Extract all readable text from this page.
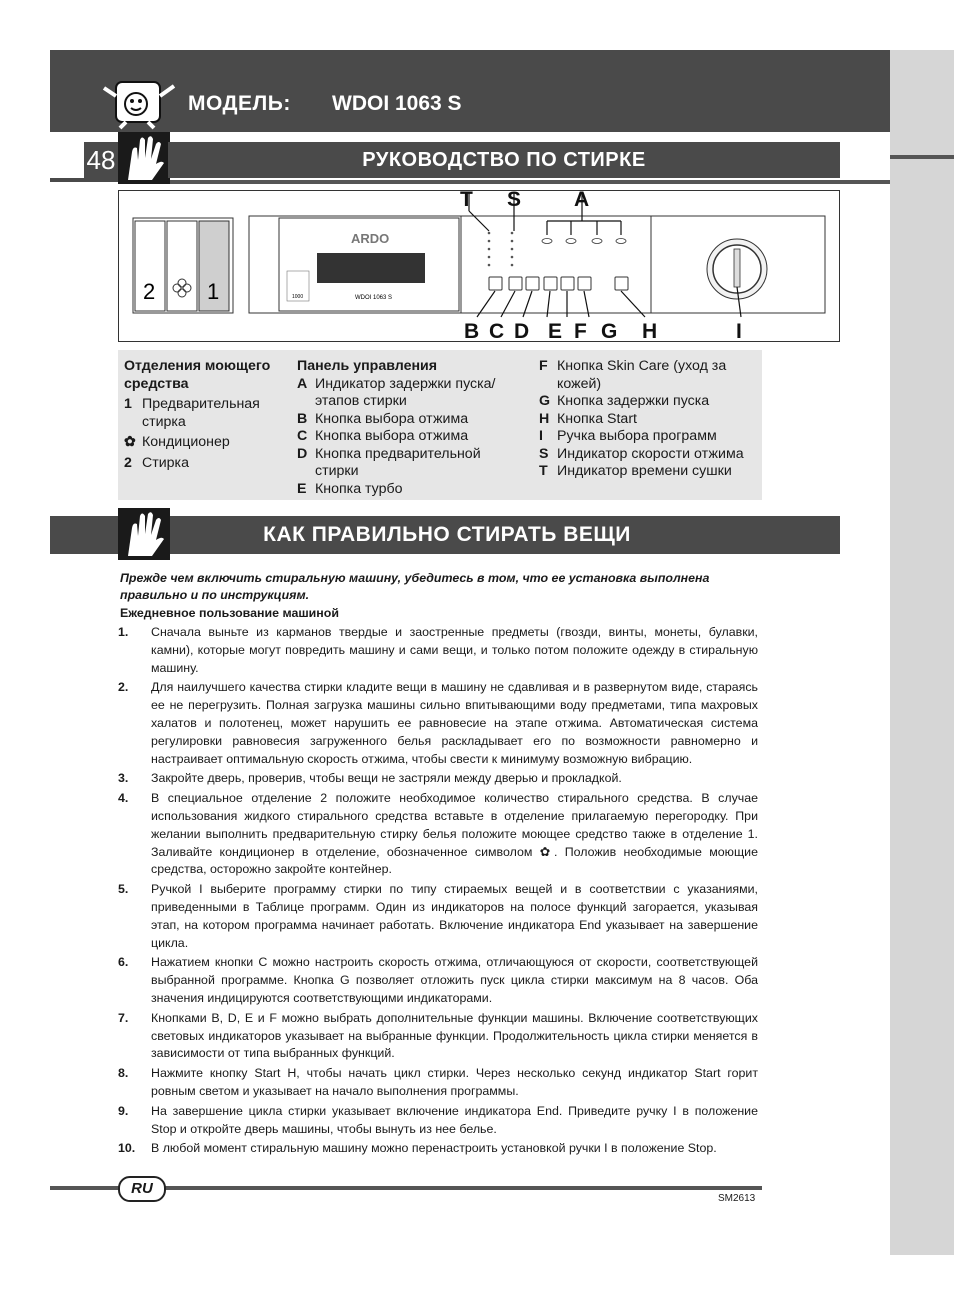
МОДЕЛЬ: WDOI 1063 S
48	РУКОВОДСТВО ПО СТИРКЕ
2 1
ARDO
WDOI 1063 S
1000
T S	A
B C D E F G H	I
Отделения моющего средства
1 Предварительная стирка
✿ Кондиционер
2 Стирка
Панель управления
A Индикатор задержки пуска/ этапов стирки
B Кнопка выбора отжима
C Кнопка выбора отжима
D Кнопка предварительной стирки
E Кнопка турбо
F Кнопка Skin Care (уход за кожей)
G Кнопка задержки пуска
H Кнопка Start
I Ручка выбора программ
S Индикатор скорости отжима
T Индикатор времени сушки
КАК ПРАВИЛЬНО СТИРАТЬ ВЕЩИ
Прежде чем включить стиральную машину, убедитесь в том, что ее установка выполнена правильно и по инструкциям.
Ежедневное пользование машиной
1.	Сначала выньте из карманов твердые и заостренные предметы (гвозди, винты, монеты, булавки, камни), которые могут повредить машину и сами вещи, и только потом положите одежду в стиральную машину.
2.	Для наилучшего качества стирки кладите вещи в машину не сдавливая и в развернутом виде, стараясь ее не перегрузить. Полная загрузка машины сильно впитывающими воду предметами, типа махровых халатов и полотенец, может нарушить ее равновесие на этапе отжима. Автоматическая система регулировки равновесия загруженного белья раскладывает его по возможности равномерно и настраивает оптимальную скорость отжима, чтобы свести к минимуму возможную вибрацию.
3.	Закройте дверь, проверив, чтобы вещи не застряли между дверью и прокладкой.
4.	В специальное отделение 2 положите необходимое количество стирального средства. В случае использования жидкого стирального средства вставьте в отделение прилагаемую перегородку. При желании выполнить предварительную стирку белья положите моющее средство также в отделение 1. Заливайте кондиционер в отделение, обозначенное символом ✿. Положив необходимые моющие средства, осторожно закройте контейнер.
5.	Ручкой I выберите программу стирки по типу стираемых вещей и в соответствии с указаниями, приведенными в Таблице программ. Один из индикаторов на полосе функций загорается, указывая этап, на котором программа начинает работать. Включение индикатора End указывает на завершение цикла.
6.	Нажатием кнопки C можно настроить скорость отжима, отличающуюся от скорости, соответствующей выбранной программе. Кнопка G позволяет отложить пуск цикла стирки максимум на 8 часов. Оба значения индицируются соответствующими индикаторами.
7.	Кнопками B, D, E и F можно выбрать дополнительные функции машины. Включение соответствующих световых индикаторов указывает на выбранные функции. Продолжительность цикла стирки меняется в зависимости от типа выбранных функций.
8.	Нажмите кнопку Start H, чтобы начать цикл стирки. Через несколько секунд индикатор Start горит ровным светом и указывает на начало выполнения программы.
9.	На завершение цикла стирки указывает включение индикатора End. Приведите ручку I в положение Stop и откройте дверь машины, чтобы вынуть из нее белье.
10.	В любой момент стиральную машину можно перенастроить установкой ручки I в положение Stop.
RU
SM2613
